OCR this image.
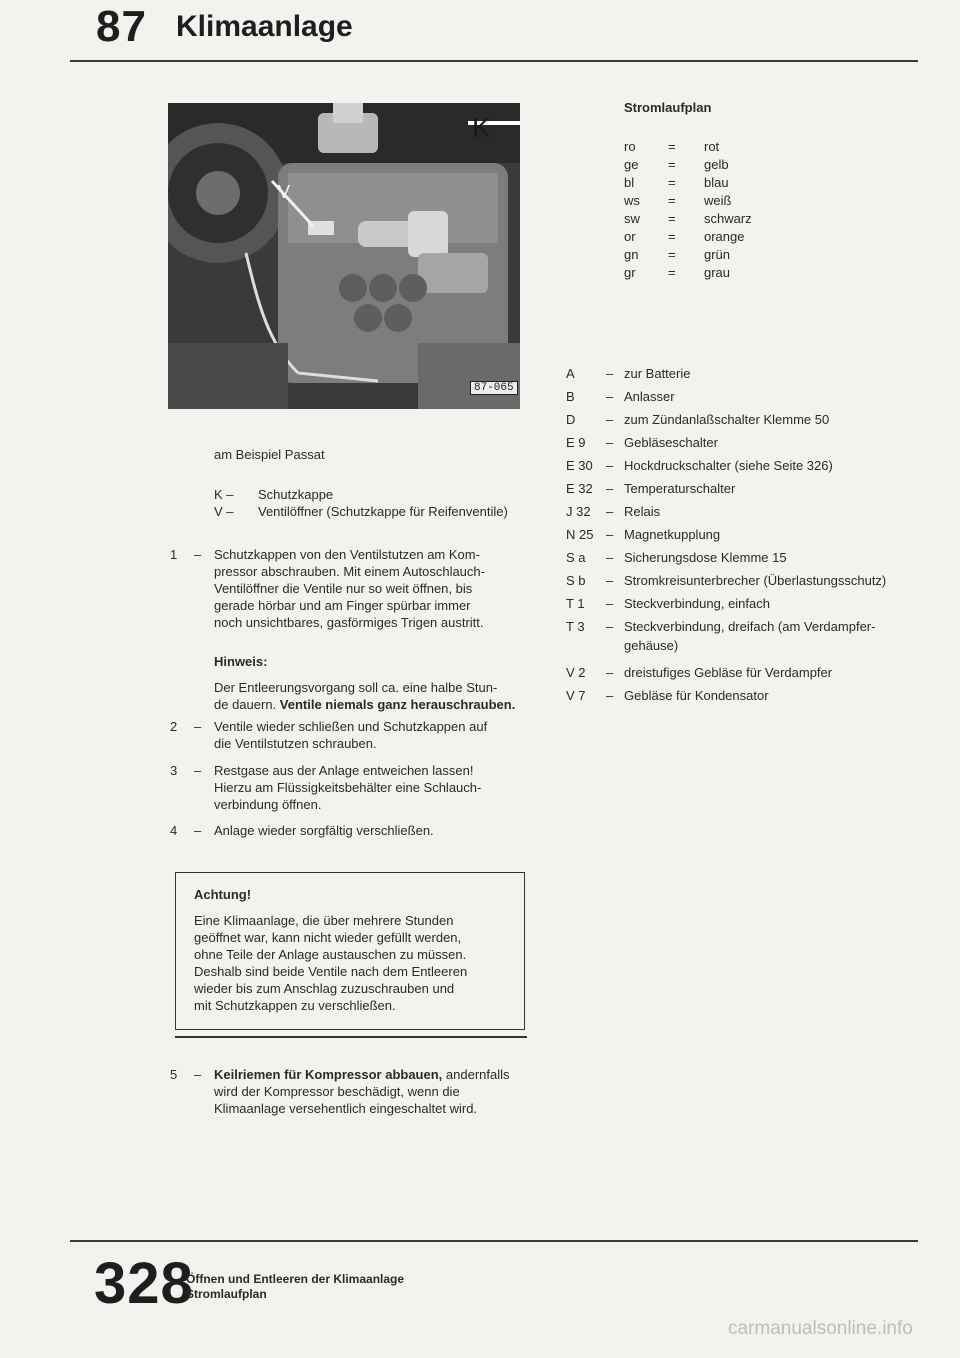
87 Klimaanlage
K
V
87-065
am Beispiel Passat
K – Schutzkappe
V – Ventilöffner (Schutzkappe für Reifenventile)
1 – Schutzkappen von den Ventilstutzen am Kom-
pressor abschrauben. Mit einem Autoschlauch-
Ventilöffner die Ventile nur so weit öffnen, bis
gerade hörbar und am Finger spürbar immer
noch unsichtbares, gasförmiges Trigen austritt.
Hinweis:
Der Entleerungsvorgang soll ca. eine halbe Stun-
de dauern. Ventile niemals ganz herauschrauben.
2 – Ventile wieder schließen und Schutzkappen auf
die Ventilstutzen schrauben.
3 – Restgase aus der Anlage entweichen lassen!
Hierzu am Flüssigkeitsbehälter eine Schlauch-
verbindung öffnen.
4 – Anlage wieder sorgfältig verschließen.
Achtung!
Eine Klimaanlage, die über mehrere Stunden
geöffnet war, kann nicht wieder gefüllt werden,
ohne Teile der Anlage austauschen zu müssen.
Deshalb sind beide Ventile nach dem Entleeren
wieder bis zum Anschlag zuzuschrauben und
mit Schutzkappen zu verschließen.
5 – Keilriemen für Kompressor abbauen, andernfalls
wird der Kompressor beschädigt, wenn die
Klimaanlage versehentlich eingeschaltet wird.
Stromlaufplan
ro = rot
ge = gelb
bl	= blau
ws = weiß
sw = schwarz
or = orange
gn = grün
gr = grau
A – zur Batterie
B – Anlasser
D – zum Zündanlaßschalter Klemme 50
E 9 – Gebläseschalter
E 30 – Hockdruckschalter (siehe Seite 326)
E 32 – Temperaturschalter
J 32 – Relais
N 25 – Magnetkupplung
S a – Sicherungsdose Klemme 15
S b – Stromkreisunterbrecher (Überlastungsschutz)
T 1 – Steckverbindung, einfach
T 3 – Steckverbindung, dreifach (am Verdampfer-
gehäuse)
V 2 – dreistufiges Gebläse für Verdampfer
V 7 – Gebläse für Kondensator
328
Öffnen und Entleeren der Klimaanlage
Stromlaufplan
carmanualsonline.info
